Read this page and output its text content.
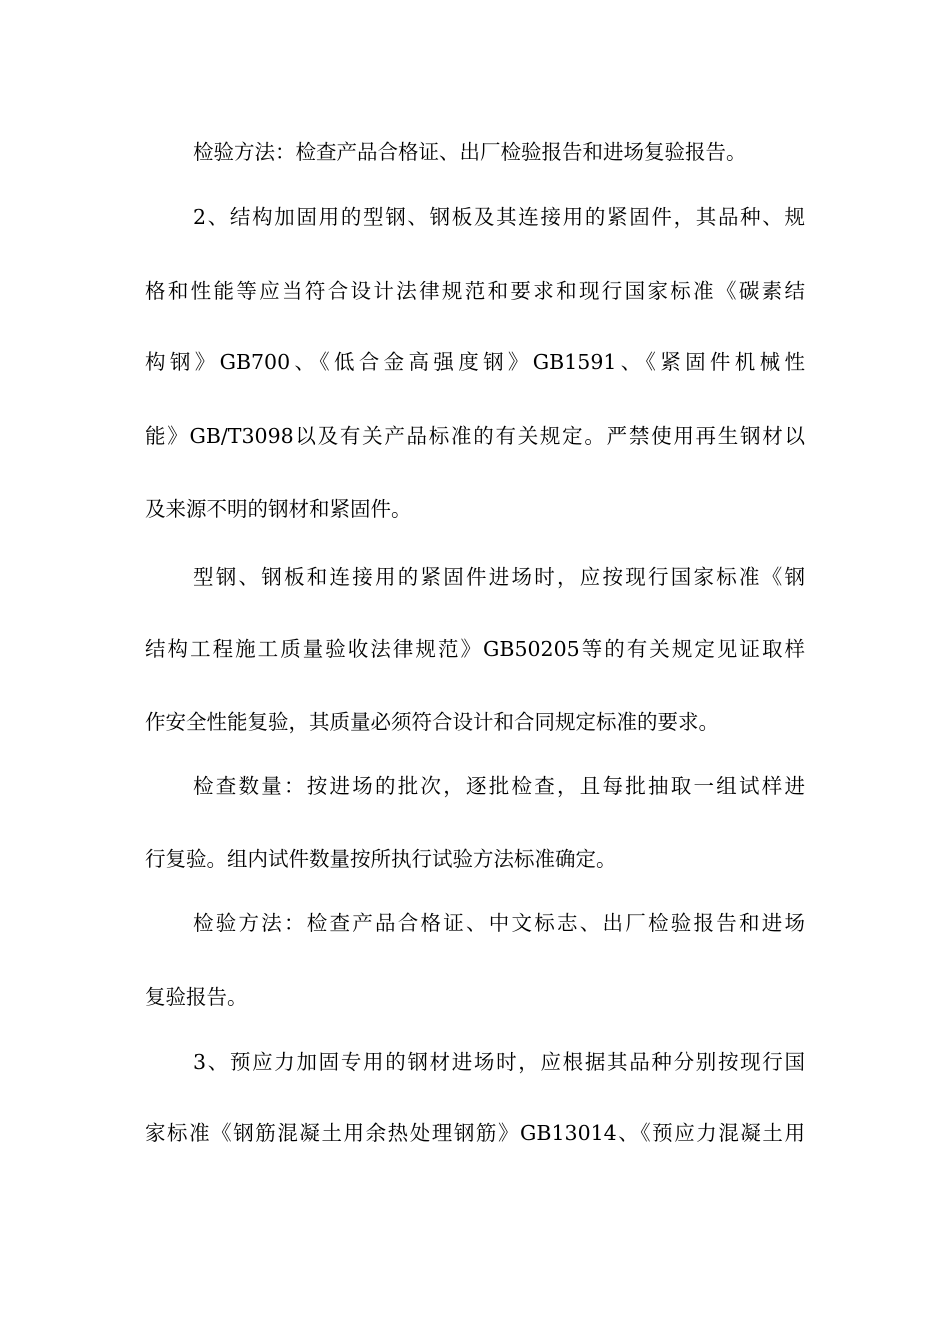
检验方法：检查产品合格证、出厂检验报告和进场复验报告。
2、结构加固用的型钢、钢板及其连接用的紧固件，其品种、规
格和性能等应当符合设计法律规范和要求和现行国家标准《碳素结
构钢》GB700、《低合金高强度钢》GB1591、《紧固件机械性
能》GB/T3098以及有关产品标准的有关规定。严禁使用再生钢材以
及来源不明的钢材和紧固件。
型钢、钢板和连接用的紧固件进场时，应按现行国家标准《钢
结构工程施工质量验收法律规范》GB50205等的有关规定见证取样
作安全性能复验，其质量必须符合设计和合同规定标准的要求。
检查数量：按进场的批次，逐批检查，且每批抽取一组试样进
行复验。组内试件数量按所执行试验方法标准确定。
检验方法：检查产品合格证、中文标志、出厂检验报告和进场
复验报告。
3、预应力加固专用的钢材进场时，应根据其品种分别按现行国
家标准《钢筋混凝土用余热处理钢筋》GB13014、《预应力混凝土用
